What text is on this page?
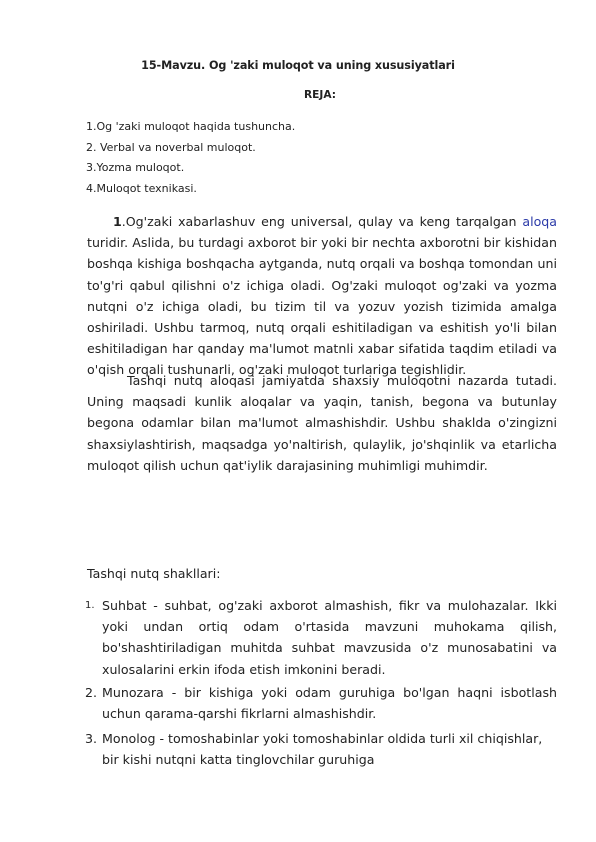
15-Mavzu. Og 'zaki muloqot va uning xususiyatlari
REJA:
1.Og 'zaki muloqot haqida tushuncha.
2. Verbal va noverbal muloqot.
3.Yozma muloqot.
4.Muloqot texnikasi.

1.Og'zaki xabarlashuv eng universal, qulay va keng tarqalgan aloqa turidir. Aslida, bu turdagi axborot bir yoki bir nechta axborotni bir kishidan boshqa kishiga boshqacha aytganda, nutq orqali va boshqa tomondan uni to'g'ri qabul qilishni o'z ichiga oladi. Og'zaki muloqot og'zaki va yozma nutqni o'z ichiga oladi, bu tizim til va yozuv yozish tizimida amalga oshiriladi. Ushbu tarmoq, nutq orqali eshitiladigan va eshitish yo'li bilan eshitiladigan har qanday ma'lumot matnli xabar sifatida taqdim etiladi va o'qish orqali tushunarli, og'zaki muloqot turlariga tegishlidir.

Tashqi nutq aloqasi jamiyatda shaxsiy muloqotni nazarda tutadi. Uning maqsadi kunlik aloqalar va yaqin, tanish, begona va butunlay begona odamlar bilan ma'lumot almashishdir. Ushbu shaklda o'zingizni shaxsiylashtirish, maqsadga yo'naltirish, qulaylik, jo'shqinlik va etarlicha muloqot qilish uchun qat'iylik darajasining muhimligi muhimdir.

Tashqi nutq shakllari:

1. Suhbat - suhbat, og'zaki axborot almashish, fikr va mulohazalar. Ikki yoki undan ortiq odam o'rtasida mavzuni muhokama qilish, bo'shashtiriladigan muhitda suhbat mavzusida o'z munosabatini va xulosalarini erkin ifoda etish imkonini beradi.
2. Munozara - bir kishiga yoki odam guruhiga bo'lgan haqni isbotlash uchun qarama-qarshi fikrlarni almashishdir.
3. Monolog - tomoshabinlar yoki tomoshabinlar oldida turli xil chiqishlar, bir kishi nutqni katta tinglovchilar guruhiga
